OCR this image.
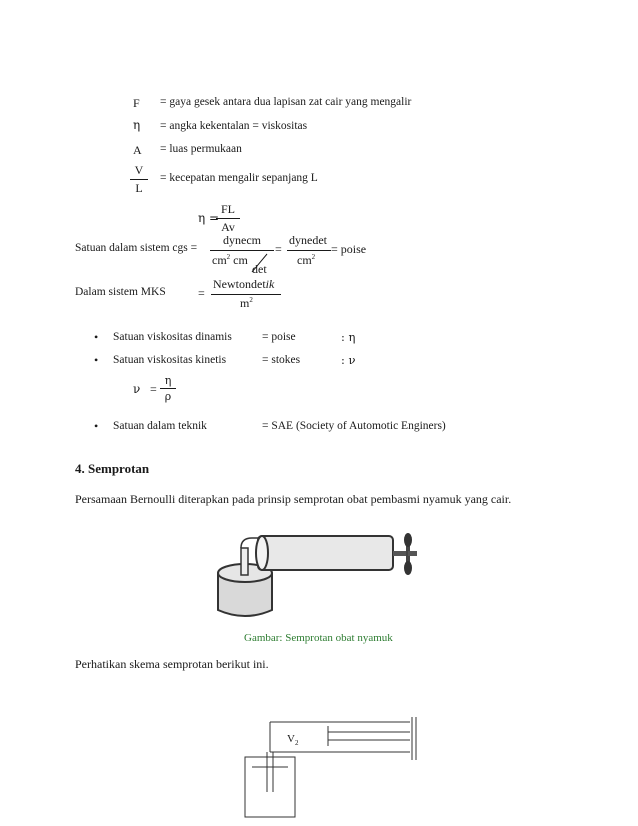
F = gaya gesek antara dua lapisan zat cair yang mengalir
η = angka kekentalan = viskositas
A = luas permukaan
V
L
= kecepatan mengalir sepanjang L
η =
FL
Av
Satuan dalam sistem cgs =
dynecm
$cm^2$ cm
det
=
dynedet
$cm^2$
= poise
Dalam sistem MKS	=
Newtondetik
$m^2$
• Satuan viskositas dinamis	= poise	: η
• Satuan viskositas kinetis	= stokes	: ν
ν =
η
ρ
• Satuan dalam teknik	= SAE (Society of Automotic Enginers)
4. Semprotan
Persamaan Bernoulli diterapkan pada prinsip semprotan obat pembasmi nyamuk yang cair.
Gambar: Semprotan obat nyamuk
Perhatikan skema semprotan berikut ini.
$V_2$
